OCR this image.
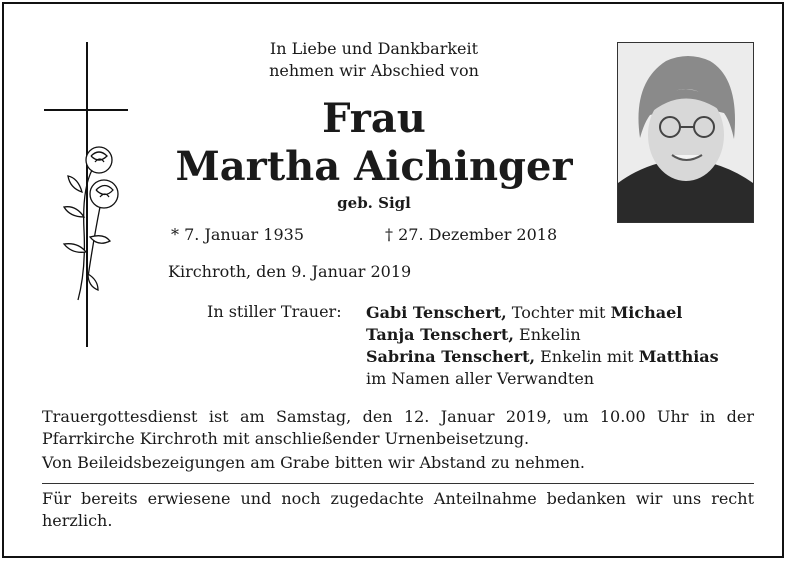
In Liebe und Dankbarkeit
nehmen wir Abschied von
Frau
Martha Aichinger
geb. Sigl
* 7. Januar 1935	† 27. Dezember 2018
Kirchroth, den 9. Januar 2019
In stiller Trauer: Gabi Tenschert, Tochter mit Michael
Tanja Tenschert, Enkelin
Sabrina Tenschert, Enkelin mit Matthias
im Namen aller Verwandten
Trauergottesdienst ist am Samstag, den 12. Januar 2019, um 10.00 Uhr in der Pfarrkirche Kirchroth mit anschließender Urnenbeisetzung.
Von Beileidsbezeigungen am Grabe bitten wir Abstand zu nehmen.
Für bereits erwiesene und noch zugedachte Anteilnahme bedanken wir uns recht herzlich.
